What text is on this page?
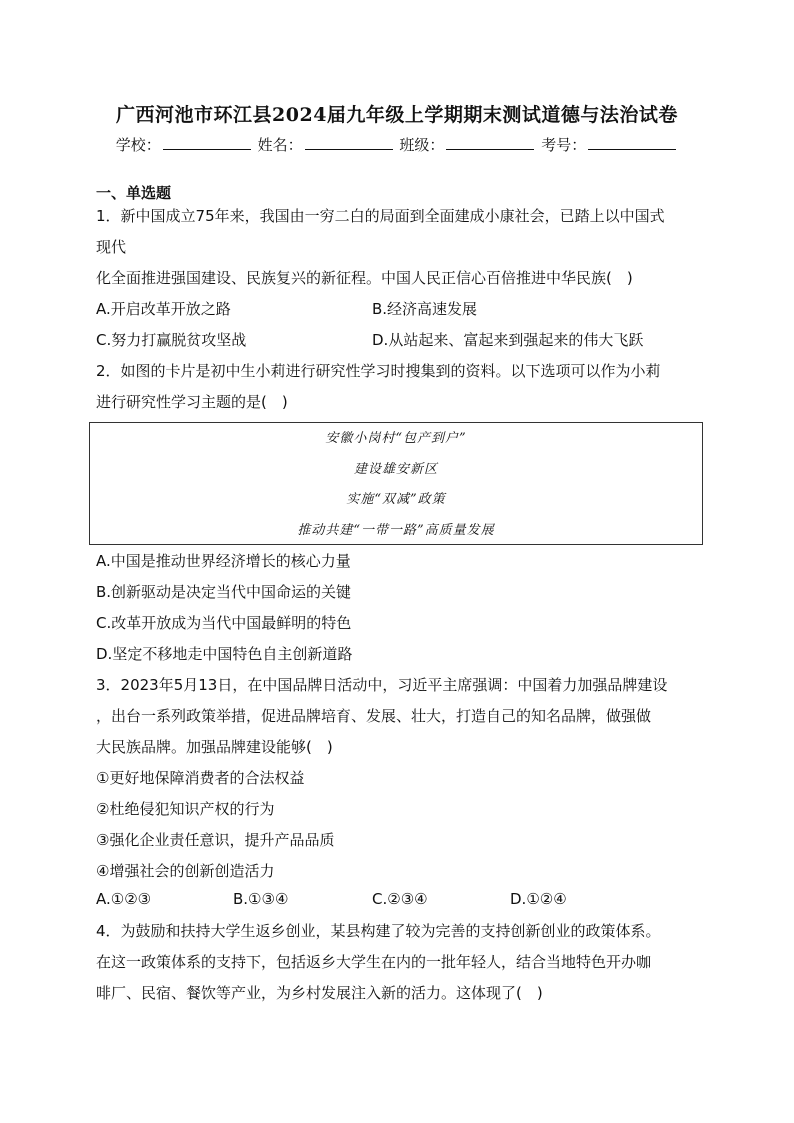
广西河池市环江县2024届九年级上学期期末测试道德与法治试卷
学校：	姓名：	班级：	考号：
一、单选题
1．新中国成立75年来，我国由一穷二白的局面到全面建成小康社会，已踏上以中国式
现代
化全面推进强国建设、民族复兴的新征程。中国人民正信心百倍推进中华民族(　)
A.开启改革开放之路	B.经济高速发展
C.努力打赢脱贫攻坚战	D.从站起来、富起来到强起来的伟大飞跃
2．如图的卡片是初中生小莉进行研究性学习时搜集到的资料。以下选项可以作为小莉
进行研究性学习主题的是(　)
安徽小岗村“包产到户”
建设雄安新区
实施“双减”政策
推动共建“一带一路”高质量发展
A.中国是推动世界经济增长的核心力量
B.创新驱动是决定当代中国命运的关键
C.改革开放成为当代中国最鲜明的特色
D.坚定不移地走中国特色自主创新道路
3．2023年5月13日，在中国品牌日活动中，习近平主席强调：中国着力加强品牌建设
，出台一系列政策举措，促进品牌培育、发展、壮大，打造自己的知名品牌，做强做
大民族品牌。加强品牌建设能够(　)
①更好地保障消费者的合法权益
②杜绝侵犯知识产权的行为
③强化企业责任意识，提升产品品质
④增强社会的创新创造活力
A.①②③	B.①③④	C.②③④	D.①②④
4．为鼓励和扶持大学生返乡创业，某县构建了较为完善的支持创新创业的政策体系。
在这一政策体系的支持下，包括返乡大学生在内的一批年轻人，结合当地特色开办咖
啡厂、民宿、餐饮等产业，为乡村发展注入新的活力。这体现了(　)
